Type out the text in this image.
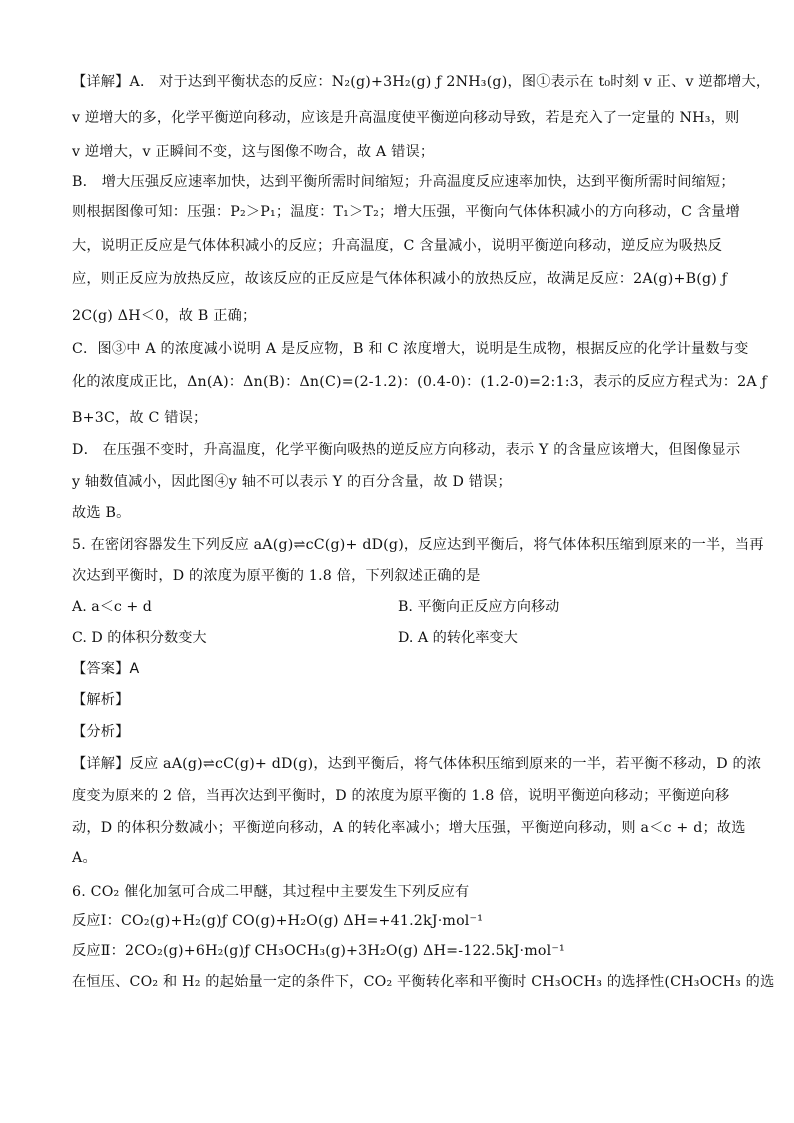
【详解】A． 对于达到平衡状态的反应：N₂(g)+3H₂(g) ƒ 2NH₃(g)，图①表示在 t₀时刻 v 正、v 逆都增大，
v 逆增大的多，化学平衡逆向移动，应该是升高温度使平衡逆向移动导致，若是充入了一定量的 NH₃，则
v 逆增大，v 正瞬间不变，这与图像不吻合，故 A 错误；
B． 增大压强反应速率加快，达到平衡所需时间缩短；升高温度反应速率加快，达到平衡所需时间缩短；
则根据图像可知：压强：P₂＞P₁；温度：T₁＞T₂；增大压强，平衡向气体体积减小的方向移动，C 含量增
大，说明正反应是气体体积减小的反应；升高温度，C 含量减小，说明平衡逆向移动，逆反应为吸热反
应，则正反应为放热反应，故该反应的正反应是气体体积减小的放热反应，故满足反应：2A(g)+B(g) ƒ
2C(g) ΔH＜0，故 B 正确；
C．图③中 A 的浓度减小说明 A 是反应物，B 和 C 浓度增大，说明是生成物，根据反应的化学计量数与变
化的浓度成正比，Δn(A)：Δn(B)：Δn(C)=(2-1.2)：(0.4-0)：(1.2-0)=2:1:3，表示的反应方程式为：2A ƒ
B+3C，故 C 错误；
D． 在压强不变时，升高温度，化学平衡向吸热的逆反应方向移动，表示 Y 的含量应该增大，但图像显示
y 轴数值减小，因此图④y 轴不可以表示 Y 的百分含量，故 D 错误；
故选 B。
5. 在密闭容器发生下列反应 aA(g)⇌cC(g)+ dD(g)，反应达到平衡后，将气体体积压缩到原来的一半，当再
次达到平衡时，D 的浓度为原平衡的 1.8 倍，下列叙述正确的是
A. a＜c + d	B. 平衡向正反应方向移动
C. D 的体积分数变大	D. A 的转化率变大
【答案】A
【解析】
【分析】
【详解】反应 aA(g)⇌cC(g)+ dD(g)，达到平衡后，将气体体积压缩到原来的一半，若平衡不移动，D 的浓
度变为原来的 2 倍，当再次达到平衡时，D 的浓度为原平衡的 1.8 倍，说明平衡逆向移动；平衡逆向移
动，D 的体积分数减小；平衡逆向移动，A 的转化率减小；增大压强，平衡逆向移动，则 a＜c + d；故选
A。
6. CO₂ 催化加氢可合成二甲醚，其过程中主要发生下列反应有
反应Ⅰ：CO₂(g)+H₂(g)ƒ CO(g)+H₂O(g) ΔH=+41.2kJ·mol⁻¹
反应Ⅱ：2CO₂(g)+6H₂(g)ƒ CH₃OCH₃(g)+3H₂O(g) ΔH=-122.5kJ·mol⁻¹
在恒压、CO₂ 和 H₂ 的起始量一定的条件下，CO₂ 平衡转化率和平衡时 CH₃OCH₃ 的选择性(CH₃OCH₃ 的选
